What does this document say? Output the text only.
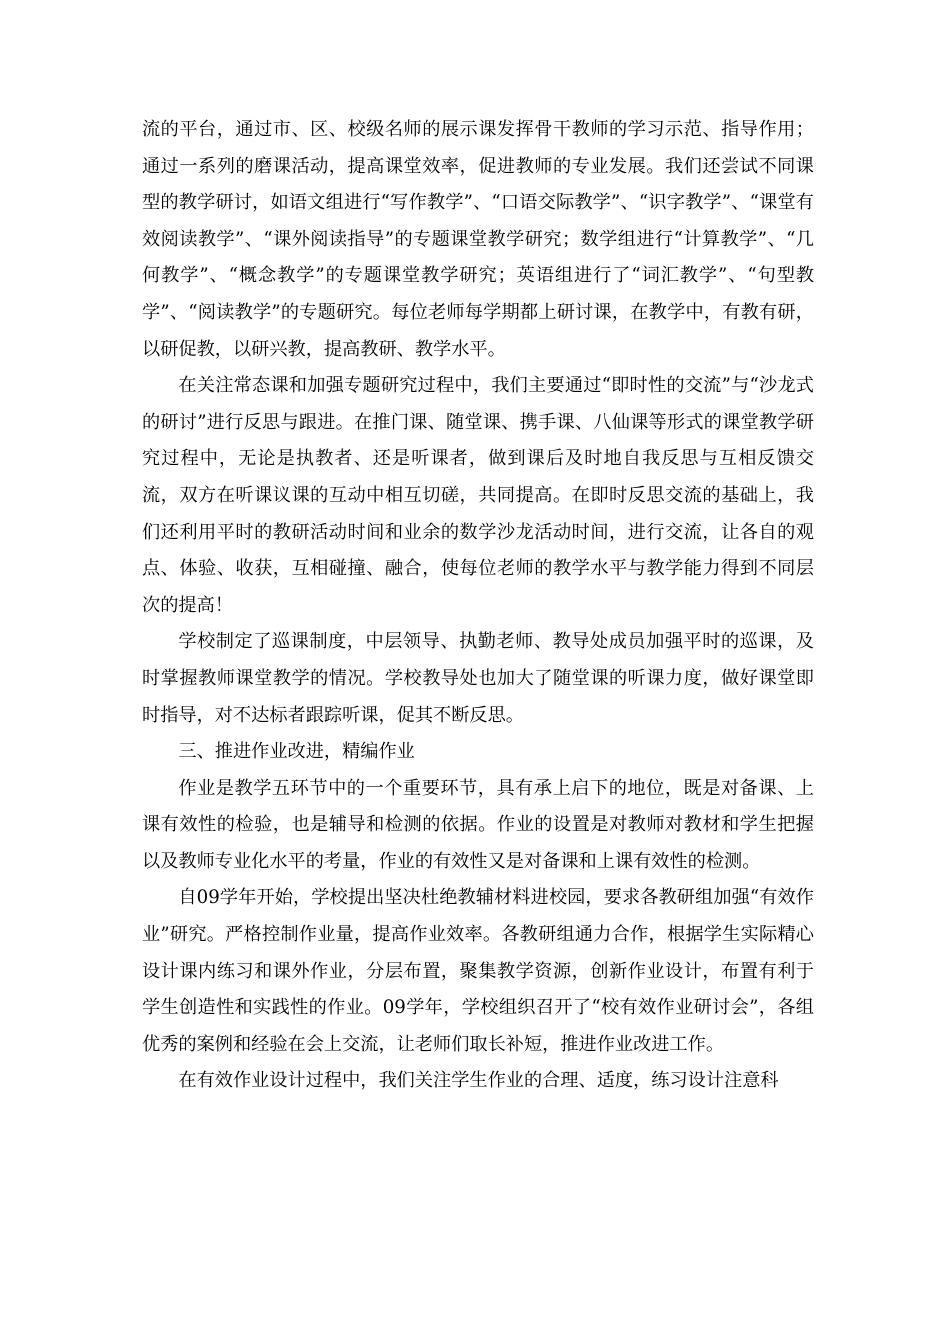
流的平台，通过市、区、校级名师的展示课发挥骨干教师的学习示范、指导作用；通过一系列的磨课活动，提高课堂效率，促进教师的专业发展。我们还尝试不同课型的教学研讨，如语文组进行“写作教学”、“口语交际教学”、“识字教学”、“课堂有效阅读教学”、“课外阅读指导”的专题课堂教学研究；数学组进行“计算教学”、“几何教学”、“概念教学”的专题课堂教学研究；英语组进行了“词汇教学”、“句型教学”、“阅读教学”的专题研究。每位老师每学期都上研讨课，在教学中，有教有研，以研促教，以研兴教，提高教研、教学水平。

在关注常态课和加强专题研究过程中，我们主要通过“即时性的交流”与“沙龙式的研讨”进行反思与跟进。在推门课、随堂课、携手课、八仙课等形式的课堂教学研究过程中，无论是执教者、还是听课者，做到课后及时地自我反思与互相反馈交流，双方在听课议课的互动中相互切磋，共同提高。在即时反思交流的基础上，我们还利用平时的教研活动时间和业余的数学沙龙活动时间，进行交流，让各自的观点、体验、收获，互相碰撞、融合，使每位老师的教学水平与教学能力得到不同层次的提高！

学校制定了巡课制度，中层领导、执勤老师、教导处成员加强平时的巡课，及时掌握教师课堂教学的情况。学校教导处也加大了随堂课的听课力度，做好课堂即时指导，对不达标者跟踪听课，促其不断反思。

三、推进作业改进，精编作业

作业是教学五环节中的一个重要环节，具有承上启下的地位，既是对备课、上课有效性的检验，也是辅导和检测的依据。作业的设置是对教师对教材和学生把握以及教师专业化水平的考量，作业的有效性又是对备课和上课有效性的检测。

自09学年开始，学校提出坚决杜绝教辅材料进校园，要求各教研组加强“有效作业”研究。严格控制作业量，提高作业效率。各教研组通力合作，根据学生实际精心设计课内练习和课外作业，分层布置，聚集教学资源，创新作业设计，布置有利于学生创造性和实践性的作业。09学年，学校组织召开了“校有效作业研讨会”，各组优秀的案例和经验在会上交流，让老师们取长补短，推进作业改进工作。

在有效作业设计过程中，我们关注学生作业的合理、适度，练习设计注意科
